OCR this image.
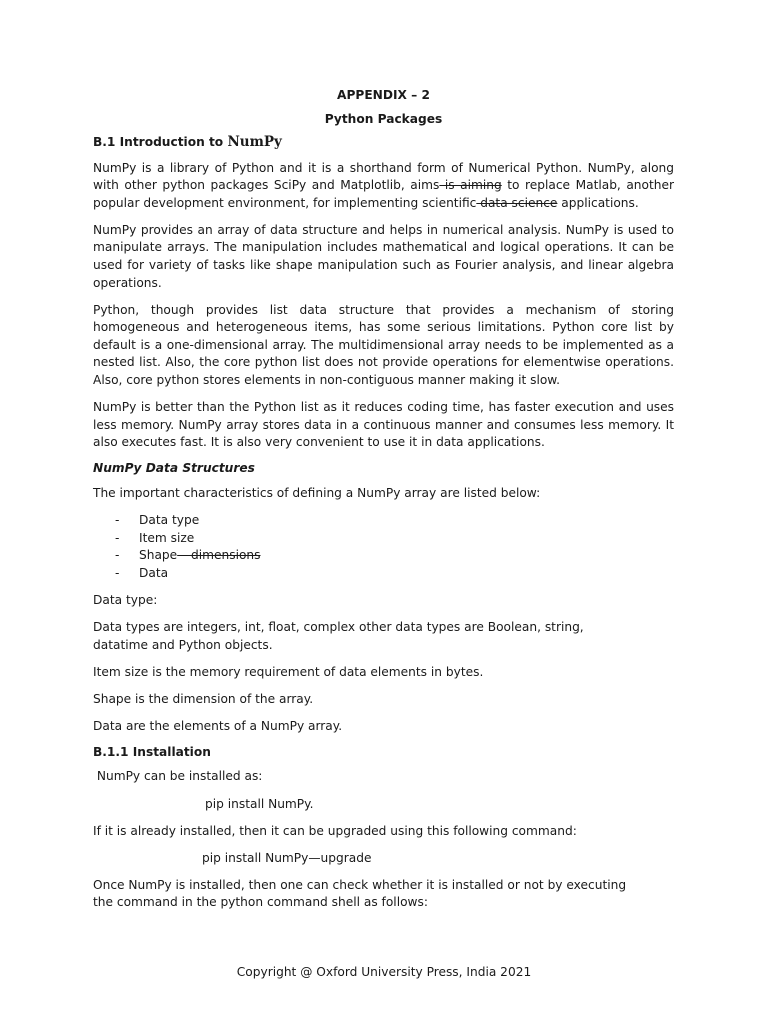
APPENDIX – 2
Python Packages
B.1 Introduction to NumPy

NumPy is a library of Python and it is a shorthand form of Numerical Python. NumPy, along with other python packages SciPy and Matplotlib, aims is aiming to replace Matlab, another popular development environment, for implementing scientific data science applications.

NumPy provides an array of data structure and helps in numerical analysis. NumPy is used to manipulate arrays. The manipulation includes mathematical and logical operations. It can be used for variety of tasks like shape manipulation such as Fourier analysis, and linear algebra operations.

Python, though provides list data structure that provides a mechanism of storing homogeneous and heterogeneous items, has some serious limitations. Python core list by default is a one-dimensional array. The multidimensional array needs to be implemented as a nested list. Also, the core python list does not provide operations for elementwise operations. Also, core python stores elements in non-contiguous manner making it slow.

NumPy is better than the Python list as it reduces coding time, has faster execution and uses less memory. NumPy array stores data in a continuous manner and consumes less memory. It also executes fast. It is also very convenient to use it in data applications.

NumPy Data Structures

The important characteristics of defining a NumPy array are listed below:

- Data type
- Item size
- Shape – dimensions
- Data

Data type:

Data types are integers, int, float, complex other data types are Boolean, string, datatime and Python objects.

Item size is the memory requirement of data elements in bytes.

Shape is the dimension of the array.

Data are the elements of a NumPy array.

B.1.1 Installation

NumPy can be installed as:

pip install NumPy.

If it is already installed, then it can be upgraded using this following command:

pip install NumPy—upgrade

Once NumPy is installed, then one can check whether it is installed or not by executing the command in the python command shell as follows:

Copyright @ Oxford University Press, India 2021
